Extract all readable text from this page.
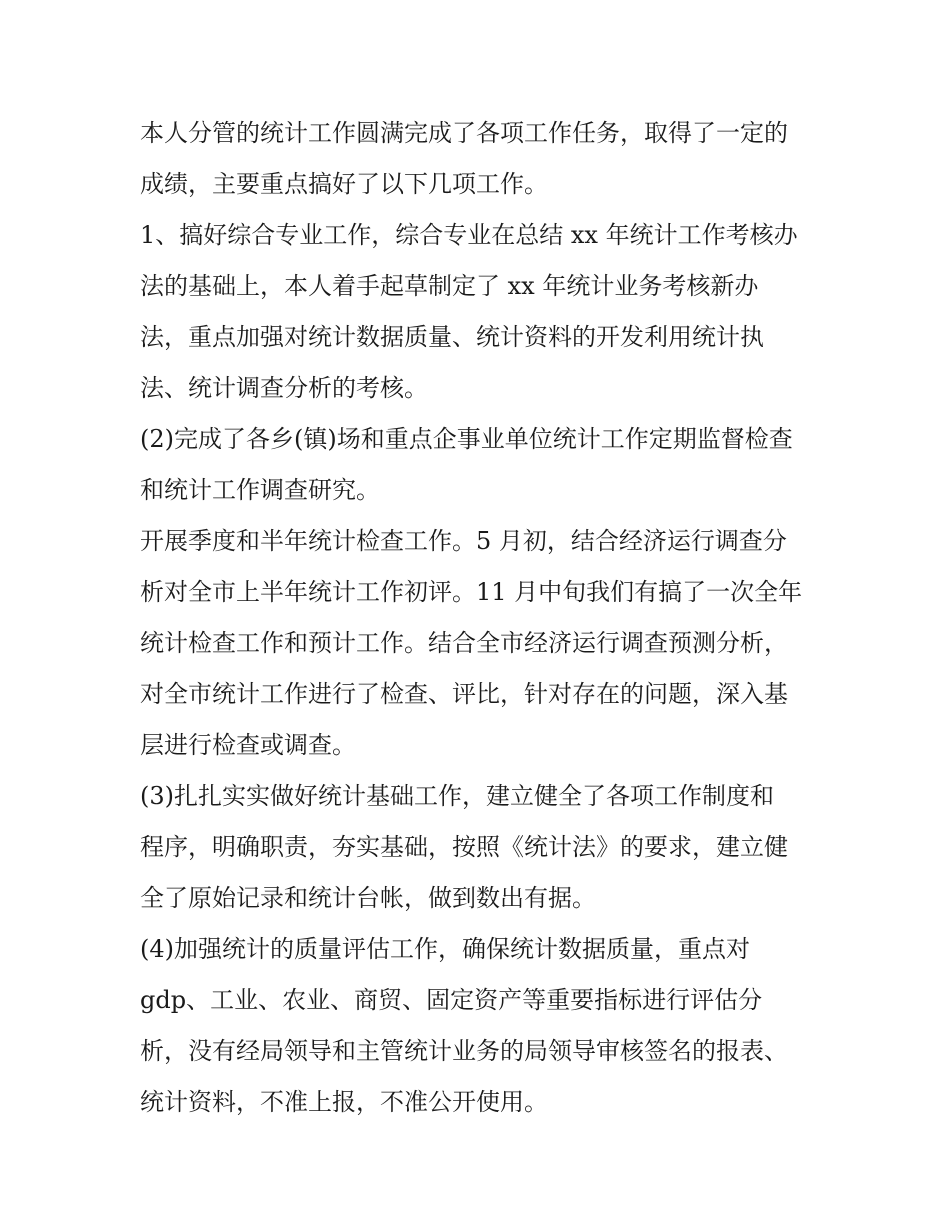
本人分管的统计工作圆满完成了各项工作任务，取得了一定的

成绩，主要重点搞好了以下几项工作。

1、搞好综合专业工作，综合专业在总结 xx 年统计工作考核办

法的基础上，本人着手起草制定了 xx 年统计业务考核新办

法，重点加强对统计数据质量、统计资料的开发利用统计执

法、统计调查分析的考核。

(2)完成了各乡(镇)场和重点企事业单位统计工作定期监督检查

和统计工作调查研究。

开展季度和半年统计检查工作。5 月初，结合经济运行调查分

析对全市上半年统计工作初评。11 月中旬我们有搞了一次全年

统计检查工作和预计工作。结合全市经济运行调查预测分析，

对全市统计工作进行了检查、评比，针对存在的问题，深入基

层进行检查或调查。

(3)扎扎实实做好统计基础工作，建立健全了各项工作制度和

程序，明确职责，夯实基础，按照《统计法》的要求，建立健

全了原始记录和统计台帐，做到数出有据。

(4)加强统计的质量评估工作，确保统计数据质量，重点对

gdp、工业、农业、商贸、固定资产等重要指标进行评估分

析，没有经局领导和主管统计业务的局领导审核签名的报表、

统计资料，不准上报，不准公开使用。
